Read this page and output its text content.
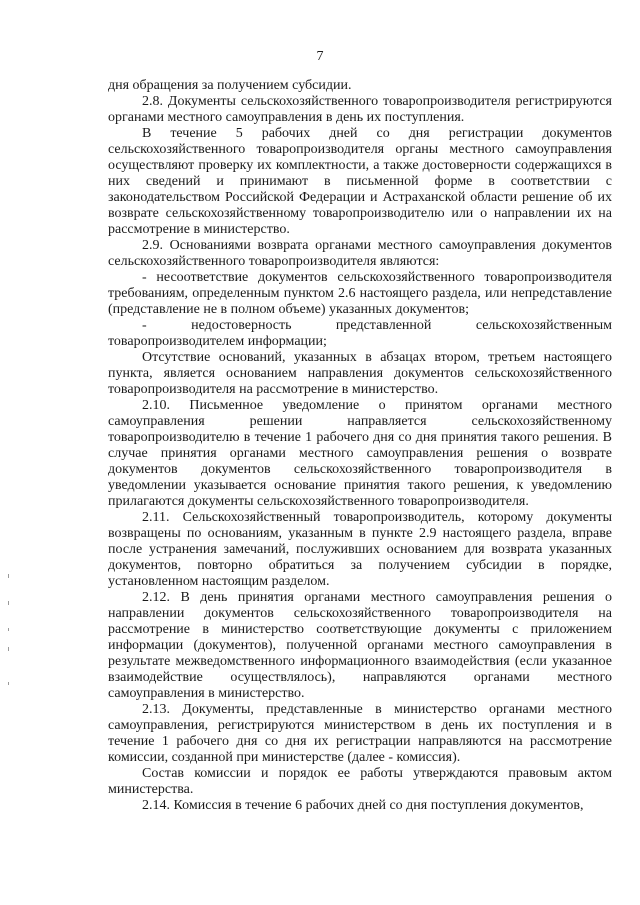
7

дня обращения за получением субсидии.

2.8. Документы сельскохозяйственного товаропроизводителя регистрируются органами местного самоуправления в день их поступления.

В течение 5 рабочих дней со дня регистрации документов сельскохозяйственного товаропроизводителя органы местного самоуправления осуществляют проверку их комплектности, а также достоверности содержащихся в них сведений и принимают в письменной форме в соответствии с законодательством Российской Федерации и Астраханской области решение об их возврате сельскохозяйственному товаропроизводителю или о направлении их на рассмотрение в министерство.

2.9. Основаниями возврата органами местного самоуправления документов сельскохозяйственного товаропроизводителя являются:

- несоответствие документов сельскохозяйственного товаропроизводителя требованиям, определенным пунктом 2.6 настоящего раздела, или непредставление (представление не в полном объеме) указанных документов;

- недостоверность представленной сельскохозяйственным товаропроизводителем информации;

Отсутствие оснований, указанных в абзацах втором, третьем настоящего пункта, является основанием направления документов сельскохозяйственного товаропроизводителя на рассмотрение в министерство.

2.10. Письменное уведомление о принятом органами местного самоуправления решении направляется сельскохозяйственному товаропроизводителю в течение 1 рабочего дня со дня принятия такого решения. В случае принятия органами местного самоуправления решения о возврате документов документов сельскохозяйственного товаропроизводителя в уведомлении указывается основание принятия такого решения, к уведомлению прилагаются документы сельскохозяйственного товаропроизводителя.

2.11. Сельскохозяйственный товаропроизводитель, которому документы возвращены по основаниям, указанным в пункте 2.9 настоящего раздела, вправе после устранения замечаний, послуживших основанием для возврата указанных документов, повторно обратиться за получением субсидии в порядке, установленном настоящим разделом.

2.12. В день принятия органами местного самоуправления решения о направлении документов сельскохозяйственного товаропроизводителя на рассмотрение в министерство соответствующие документы с приложением информации (документов), полученной органами местного самоуправления в результате межведомственного информационного взаимодействия (если указанное взаимодействие осуществлялось), направляются органами местного самоуправления в министерство.

2.13. Документы, представленные в министерство органами местного самоуправления, регистрируются министерством в день их поступления и в течение 1 рабочего дня со дня их регистрации направляются на рассмотрение комиссии, созданной при министерстве (далее - комиссия).

Состав комиссии и порядок ее работы утверждаются правовым актом министерства.

2.14. Комиссия в течение 6 рабочих дней со дня поступления документов,
